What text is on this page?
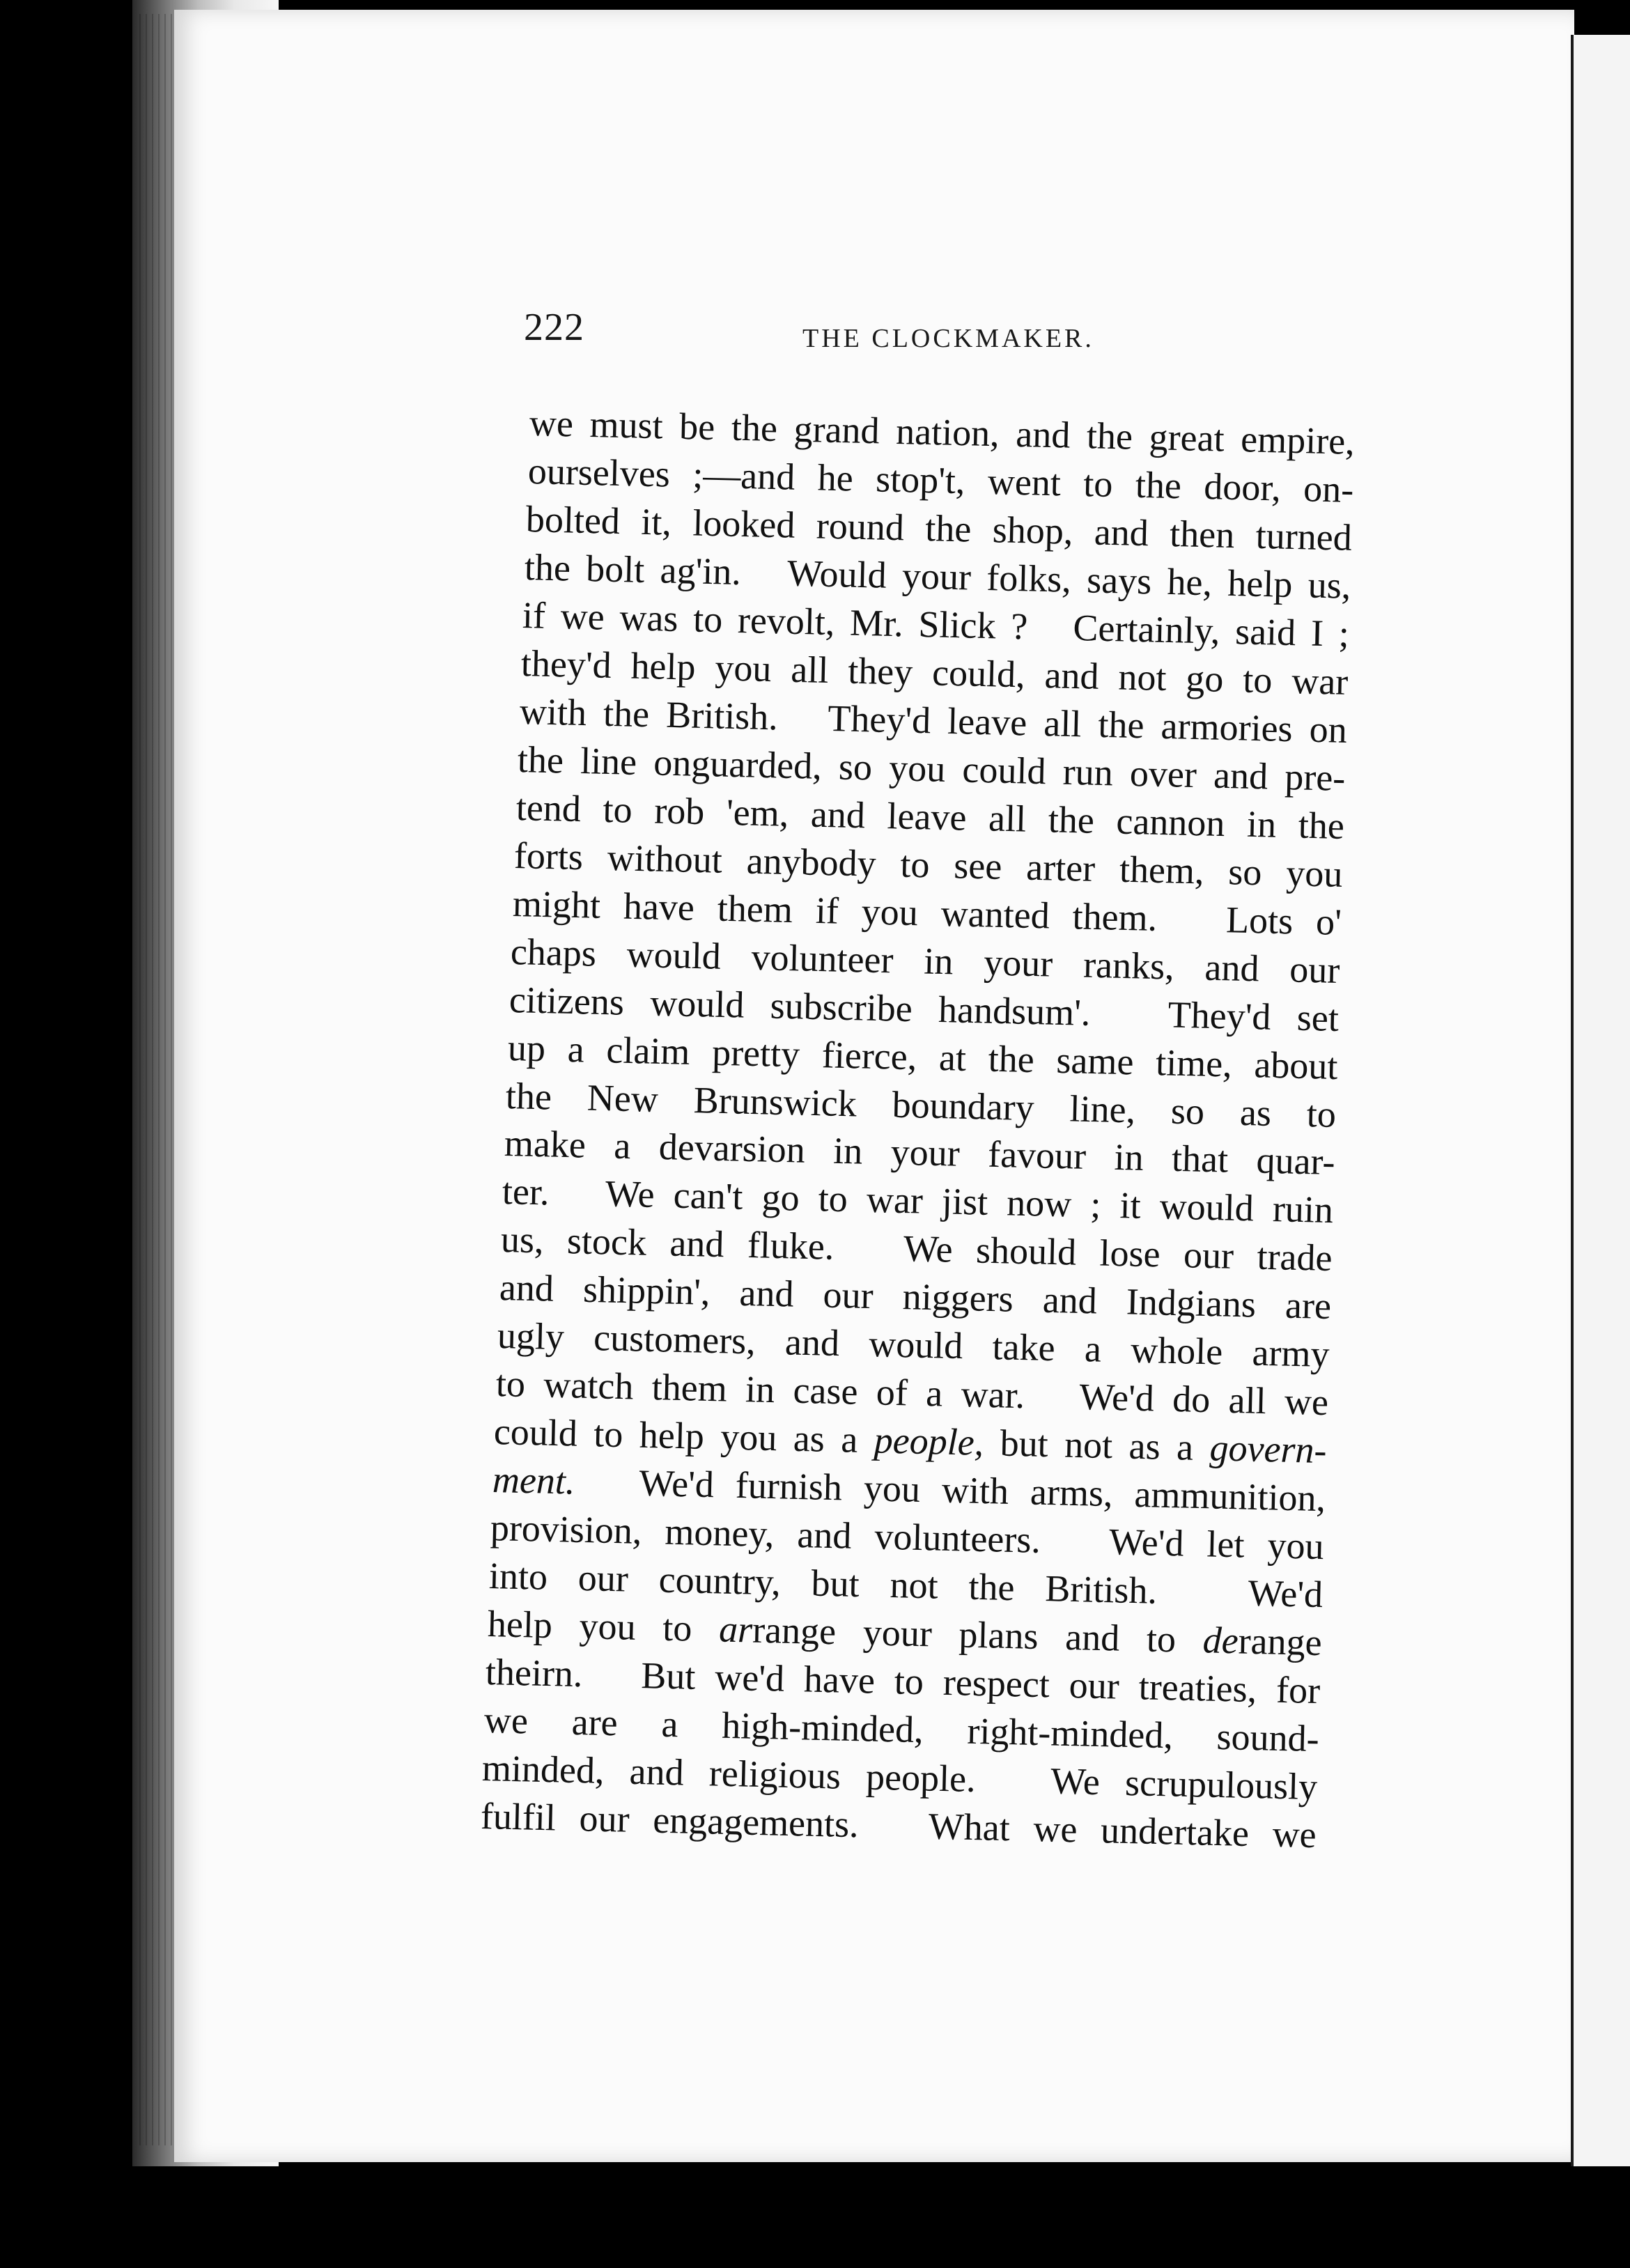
222	THE CLOCKMAKER.
we must be the grand nation, and the great empire,
ourselves ;—and he stop't, went to the door, on-
bolted it, looked round the shop, and then turned
the bolt ag'in.   Would your folks, says he, help us,
if we was to revolt, Mr. Slick ?   Certainly, said I ;
they'd help you all they could, and not go to war
with the British.   They'd leave all the armories on
the line onguarded, so you could run over and pre-
tend to rob 'em, and leave all the cannon in the
forts without anybody to see arter them, so you
might have them if you wanted them.   Lots o'
chaps would volunteer in your ranks, and our
citizens would subscribe handsum'.   They'd set
up a claim pretty fierce, at the same time, about
the New Brunswick boundary line, so as to
make a devarsion in your favour in that quar-
ter.   We can't go to war jist now ; it would ruin
us, stock and fluke.   We should lose our trade
and shippin', and our niggers and Indgians are
ugly customers, and would take a whole army
to watch them in case of a war.   We'd do all we
could to help you as a people, but not as a govern-
ment.   We'd furnish you with arms, ammunition,
provision, money, and volunteers.   We'd let you
into our country, but not the British.   We'd
help you to arrange your plans and to derange
theirn.   But we'd have to respect our treaties, for
we are a high-minded, right-minded, sound-
minded, and religious people.   We scrupulously
fulfil our engagements.   What we undertake we
